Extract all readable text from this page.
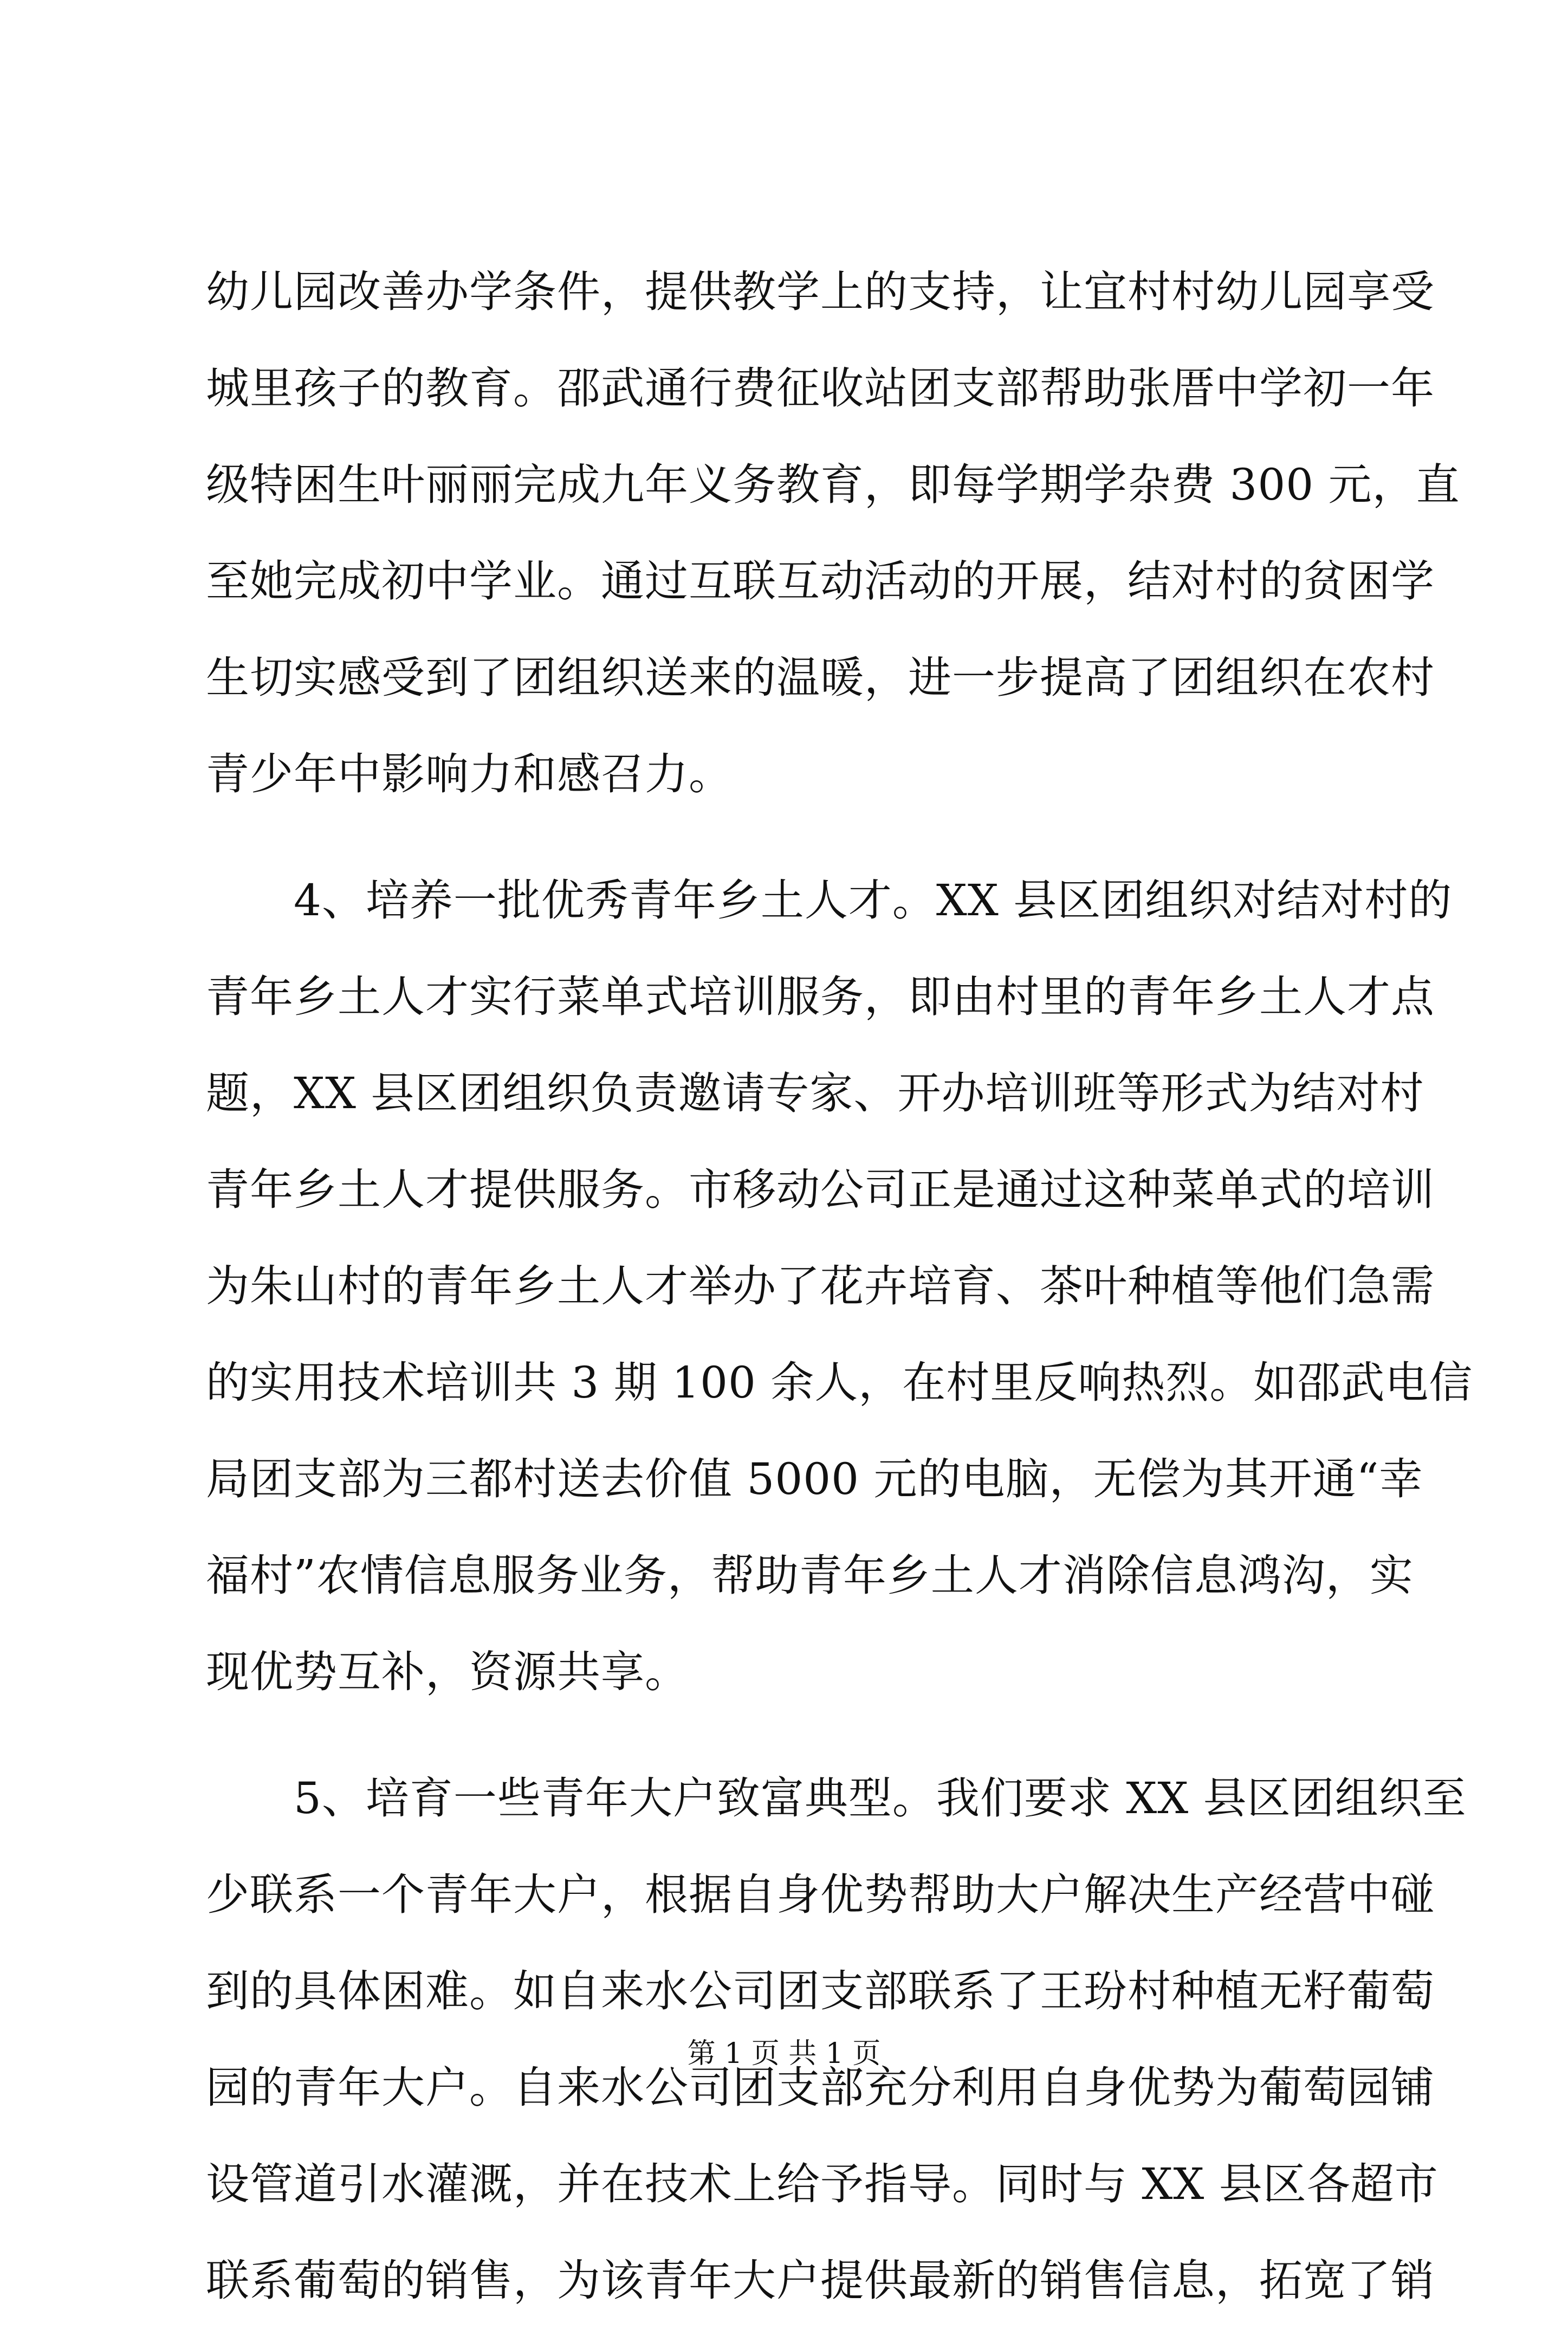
幼儿园改善办学条件，提供教学上的支持，让宜村村幼儿园享受
城里孩子的教育。邵武通行费征收站团支部帮助张厝中学初一年
级特困生叶丽丽完成九年义务教育，即每学期学杂费 300 元，直
至她完成初中学业。通过互联互动活动的开展，结对村的贫困学
生切实感受到了团组织送来的温暖，进一步提高了团组织在农村
青少年中影响力和感召力。
　　4、培养一批优秀青年乡土人才。XX 县区团组织对结对村的
青年乡土人才实行菜单式培训服务，即由村里的青年乡土人才点
题，XX 县区团组织负责邀请专家、开办培训班等形式为结对村
青年乡土人才提供服务。市移动公司正是通过这种菜单式的培训
为朱山村的青年乡土人才举办了花卉培育、茶叶种植等他们急需
的实用技术培训共 3 期 100 余人，在村里反响热烈。如邵武电信
局团支部为三都村送去价值 5000 元的电脑，无偿为其开通“幸
福村”农情信息服务业务，帮助青年乡土人才消除信息鸿沟，实
现优势互补，资源共享。
　　5、培育一些青年大户致富典型。我们要求 XX 县区团组织至
少联系一个青年大户，根据自身优势帮助大户解决生产经营中碰
到的具体困难。如自来水公司团支部联系了王玢村种植无籽葡萄
园的青年大户。自来水公司团支部充分利用自身优势为葡萄园铺
设管道引水灌溉，并在技术上给予指导。同时与 XX 县区各超市
联系葡萄的销售，为该青年大户提供最新的销售信息，拓宽了销
第 1 页 共 1 页
